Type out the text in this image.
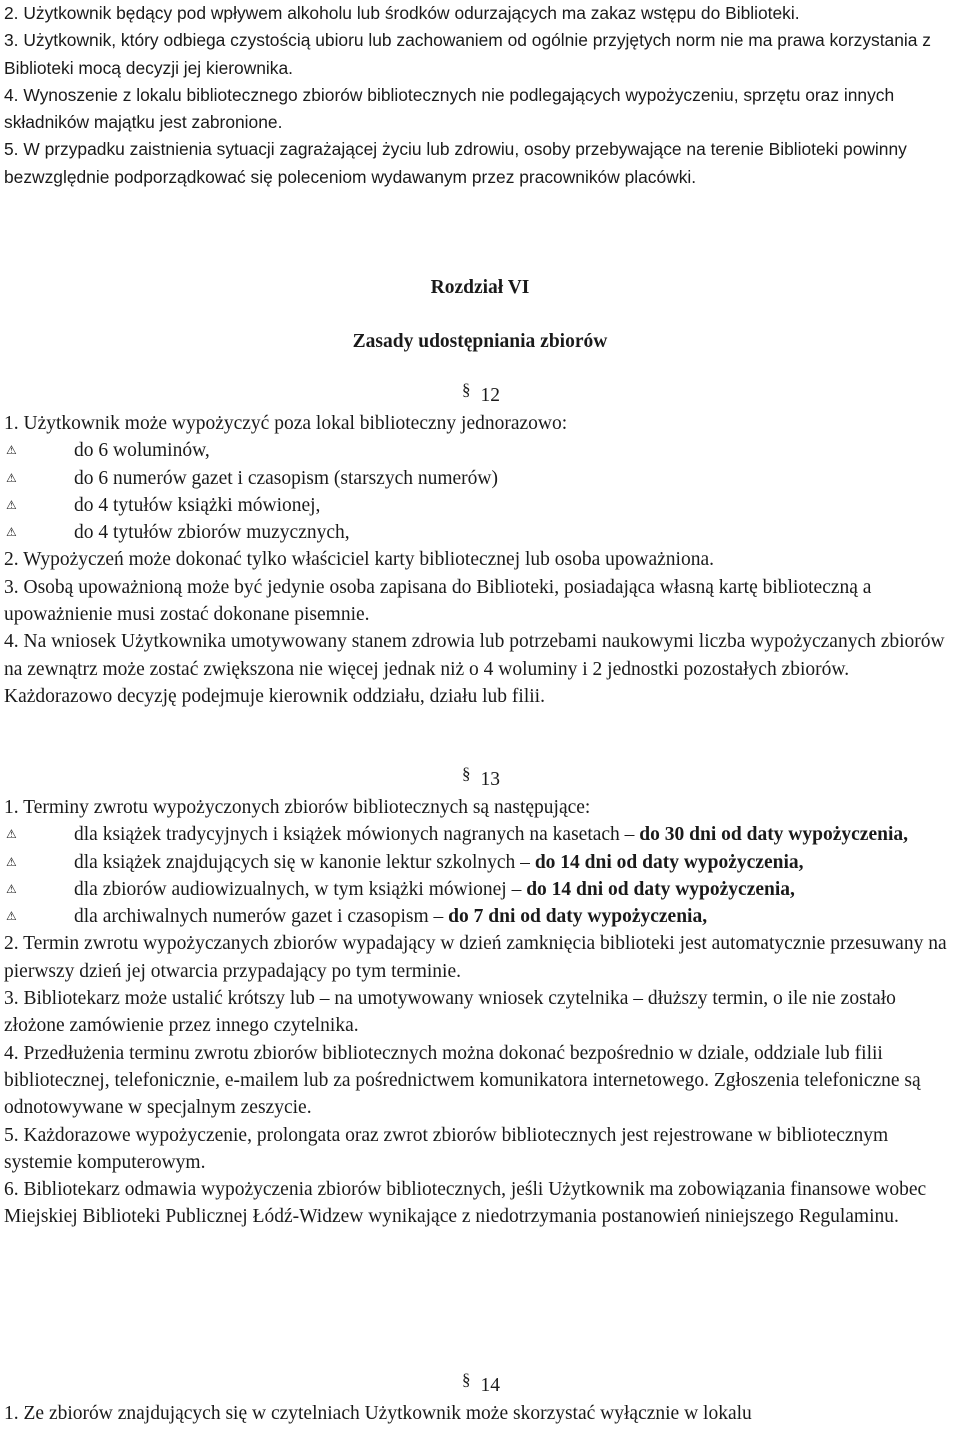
2. Użytkownik będący pod wpływem alkoholu lub środków odurzających ma zakaz wstępu do Biblioteki.

3. Użytkownik, który odbiega czystością ubioru lub zachowaniem od ogólnie przyjętych norm nie ma prawa korzystania z Biblioteki mocą decyzji jej kierownika.

4. Wynoszenie z lokalu bibliotecznego zbiorów bibliotecznych nie podlegających wypożyczeniu, sprzętu oraz innych składników majątku jest zabronione.

5. W przypadku zaistnienia sytuacji zagrażającej życiu lub zdrowiu, osoby przebywające na terenie Biblioteki powinny bezwzględnie podporządkować się poleceniom wydawanym przez pracowników placówki.

Rozdział VI

Zasady udostępniania zbiorów

§ 12

1. Użytkownik może wypożyczyć poza lokal biblioteczny jednorazowo:

⚠	do 6 woluminów,
⚠	do 6 numerów gazet i czasopism (starszych numerów)
⚠	do 4 tytułów książki mówionej,
⚠	do 4 tytułów zbiorów muzycznych,

2. Wypożyczeń może dokonać tylko właściciel karty bibliotecznej lub osoba upoważniona.

3. Osobą upoważnioną może być jedynie osoba zapisana do Biblioteki, posiadająca własną kartę biblioteczną a upoważnienie musi zostać dokonane pisemnie.

4. Na wniosek Użytkownika umotywowany stanem zdrowia lub potrzebami naukowymi liczba wypożyczanych zbiorów na zewnątrz może zostać zwiększona nie więcej jednak niż o 4 woluminy i 2 jednostki pozostałych zbiorów. Każdorazowo decyzję podejmuje kierownik oddziału, działu lub filii.

§ 13

1. Terminy zwrotu wypożyczonych zbiorów bibliotecznych są następujące:

⚠	dla książek tradycyjnych i książek mówionych nagranych na kasetach – do 30 dni od daty wypożyczenia,
⚠	dla książek znajdujących się w kanonie lektur szkolnych – do 14 dni od daty wypożyczenia,
⚠	dla zbiorów audiowizualnych, w tym książki mówionej – do 14 dni od daty wypożyczenia,
⚠	dla archiwalnych numerów gazet i czasopism – do 7 dni od daty wypożyczenia,

2. Termin zwrotu wypożyczanych zbiorów wypadający w dzień zamknięcia biblioteki jest automatycznie przesuwany na pierwszy dzień jej otwarcia przypadający po tym terminie.

3. Bibliotekarz może ustalić krótszy lub – na umotywowany wniosek czytelnika – dłuższy termin, o ile nie zostało złożone zamówienie przez innego czytelnika.

4. Przedłużenia terminu zwrotu zbiorów bibliotecznych można dokonać bezpośrednio w dziale, oddziale lub filii bibliotecznej, telefonicznie, e-mailem lub za pośrednictwem komunikatora internetowego. Zgłoszenia telefoniczne są odnotowywane w specjalnym zeszycie.

5. Każdorazowe wypożyczenie, prolongata oraz zwrot zbiorów bibliotecznych jest rejestrowane w bibliotecznym systemie komputerowym.

6. Bibliotekarz odmawia wypożyczenia zbiorów bibliotecznych, jeśli Użytkownik ma zobowiązania finansowe wobec Miejskiej Biblioteki Publicznej Łódź-Widzew wynikające z niedotrzymania postanowień niniejszego Regulaminu.

§ 14

1. Ze zbiorów znajdujących się w czytelniach Użytkownik może skorzystać wyłącznie w lokalu
